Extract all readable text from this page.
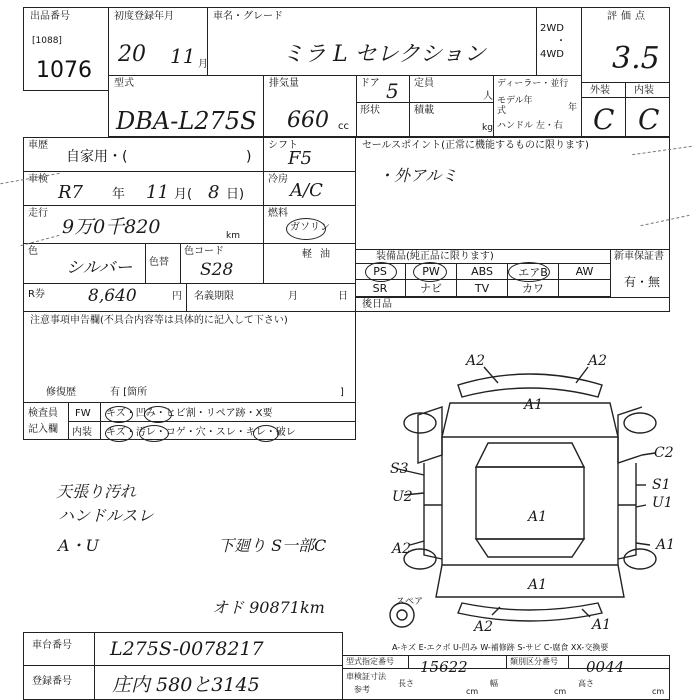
出品番号
[1088]
1076
初度登録年月
20 11 月
車名・グレード
ミラ L セレクション
2WD
・
4WD
評価点
3.5
型式
DBA-L275S
排気量
660 cc
ドア 5 定員
人
形状	積載
kg
ディーラー・並行
モデル年式	年
ハンドル 左・右
外装 内装
C C
車歴
自家用・(	)
シフト
F5
車検
R7 年 11 月( 8 日)
冷房
A/C
走行
9万0千820	km
燃料
ガソリン
軽油
色
シルバー 色替
色コード
S28
R券	8,640	円 名義期限	月	日
セールスポイント(正常に機能するものに限ります)
・外アルミ
装備品(純正品に限ります)	新車保証書
有・無
PS	PW	ABS エアB	AW
SR	ナビ	TV	カワ
後日品
注意事項申告欄(不具合内容等は具体的に記入して下さい)
修復歴	有 [箇所	]
検査員
記入欄
FW キズ・凹み・ヒビ割・リペア跡・X要
内装 キズ・汚レ・コゲ・穴・スレ・キレ・破レ
天張り汚れ
ハンドルスレ
A・U	下廻り S一部C
オド 90871km
A2	A2
A1
C2
S3
U2
S1
U1
A1
A1
A2
A1
A2	A1
スペア
A-キズ E-エクボ U-凹み W-補修跡 S-サビ C-腐食 XX-交換要
車台番号 L275S-0078217
登録番号 庄内 580と3145
型式指定番号 15622	類別区分番号 0044
車検証寸法
参考
長さ
cm
幅
cm
高さ
cm
